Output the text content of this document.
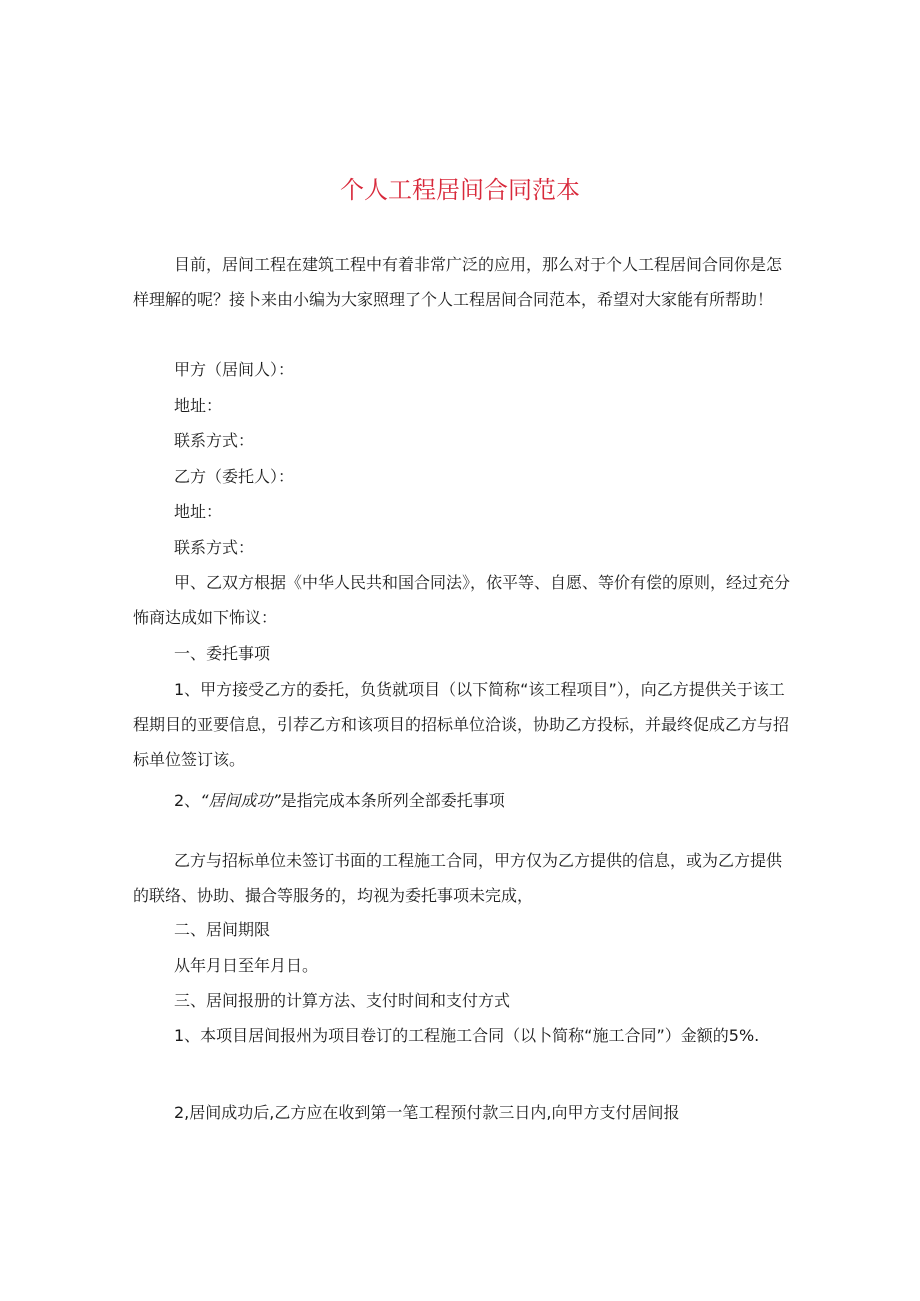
个人工程居间合同范本
目前，居间工程在建筑工程中有着非常广泛的应用，那么对于个人工程居间合同你是怎样理解的呢？接卜来由小编为大家照理了个人工程居间合同范本，希望对大家能有所帮助！
甲方（居间人）：
地址：
联系方式：
乙方（委托人）：
地址：
联系方式：
甲、乙双方根据《中华人民共和国合同法》，依平等、自愿、等价有偿的原则，经过充分怖商达成如下怖议：
一、委托事项
1、甲方接受乙方的委托，负货就项目（以下简称“该工程项目”），向乙方提供关于该工程期目的亚要信息，引荐乙方和该项目的招标单位洽谈，协助乙方投标，并最终促成乙方与招标单位签订该。
2、“居间成功”是指完成本条所列全部委托事项
乙方与招标单位未签订书面的工程施工合同，甲方仅为乙方提供的信息，或为乙方提供的联络、协助、撮合等服务的，均视为委托事项未完成，
二、居间期限
从年月日至年月日。
三、居间报册的计算方法、支付时间和支付方式
1、本项目居间报州为项目卷订的工程施工合同（以卜简称“施工合同”）金额的5%.
2,居间成功后,乙方应在收到第一笔工程预付款三日内,向甲方支付居间报
